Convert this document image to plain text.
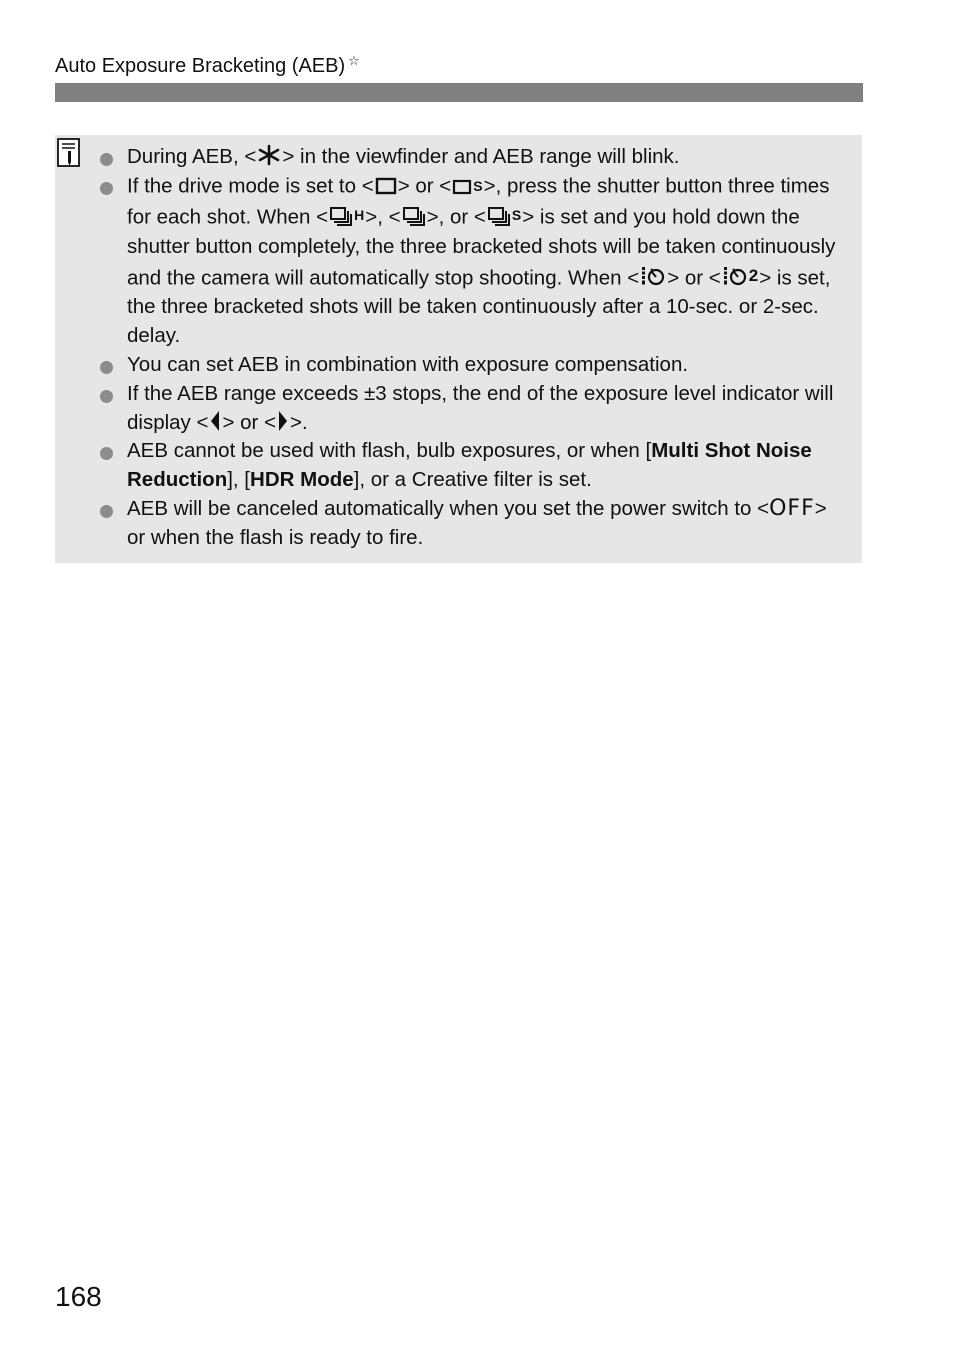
Auto Exposure Bracketing (AEB) ☆
During AEB, < > in the viewfinder and AEB range will blink.
If the drive mode is set to < > or < S >, press the shutter button three times for each shot. When < H >, < >, or < S > is set and you hold down the shutter button completely, the three bracketed shots will be taken continuously and the camera will automatically stop shooting. When < > or < 2 > is set, the three bracketed shots will be taken continuously after a 10-sec. or 2-sec. delay.
You can set AEB in combination with exposure compensation.
If the AEB range exceeds ±3 stops, the end of the exposure level indicator will display < > or < >.
AEB cannot be used with flash, bulb exposures, or when [Multi Shot Noise Reduction], [HDR Mode], or a Creative filter is set.
AEB will be canceled automatically when you set the power switch to <OFF> or when the flash is ready to fire.
168
